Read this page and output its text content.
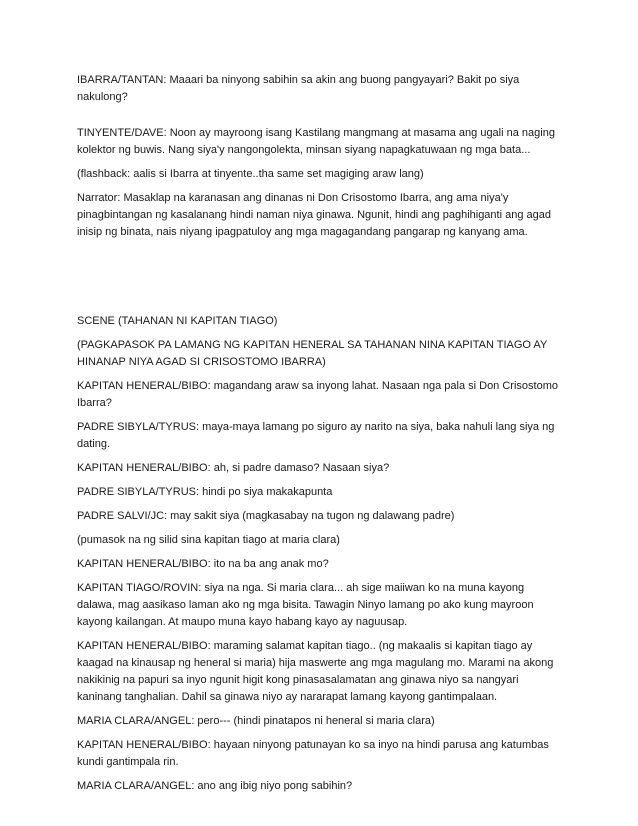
IBARRA/TANTAN: Maaari ba ninyong sabihin sa akin ang buong pangyayari? Bakit po siya nakulong?

TINYENTE/DAVE: Noon ay mayroong isang Kastilang mangmang at masama ang ugali na naging kolektor ng buwis. Nang siya'y nangongolekta, minsan siyang napagkatuwaan ng mga bata...

(flashback: aalis si Ibarra at tinyente..tha same set magiging araw lang)

Narrator: Masaklap na karanasan ang dinanas ni Don Crisostomo Ibarra, ang ama niya'y pinagbintangan ng kasalanang hindi naman niya ginawa. Ngunit, hindi ang paghihiganti ang agad inisip ng binata, nais niyang ipagpatuloy ang mga magagandang pangarap ng kanyang ama.

SCENE (TAHANAN NI KAPITAN TIAGO)

(PAGKAPASOK PA LAMANG NG KAPITAN HENERAL SA TAHANAN NINA KAPITAN TIAGO AY HINANAP NIYA AGAD SI CRISOSTOMO IBARRA)

KAPITAN HENERAL/BIBO: magandang araw sa inyong lahat. Nasaan nga pala si Don Crisostomo Ibarra?

PADRE SIBYLA/TYRUS: maya-maya lamang po siguro ay narito na siya, baka nahuli lang siya ng dating.

KAPITAN HENERAL/BIBO: ah, si padre damaso? Nasaan siya?

PADRE SIBYLA/TYRUS: hindi po siya makakapunta

PADRE SALVI/JC: may sakit siya (magkasabay na tugon ng dalawang padre)

(pumasok na ng silid sina kapitan tiago at maria clara)

KAPITAN HENERAL/BIBO: ito na ba ang anak mo?

KAPITAN TIAGO/ROVIN: siya na nga. Si maria clara... ah sige maiiwan ko na muna kayong dalawa, mag aasikaso laman ako ng mga bisita. Tawagin Ninyo lamang po ako kung mayroon kayong kailangan. At maupo muna kayo habang kayo ay naguusap.

KAPITAN HENERAL/BIBO: maraming salamat kapitan tiago.. (ng makaalis si kapitan tiago ay kaagad na kinausap ng heneral si maria) hija maswerte ang mga magulang mo. Marami na akong nakikinig na papuri sa inyo ngunit higit kong pinasasalamatan ang ginawa niyo sa nangyari kaninang tanghalian. Dahil sa ginawa niyo ay nararapat lamang kayong gantimpalaan.

MARIA CLARA/ANGEL: pero--- (hindi pinatapos ni heneral si maria clara)

KAPITAN HENERAL/BIBO: hayaan ninyong patunayan ko sa inyo na hindi parusa ang katumbas kundi gantimpala rin.

MARIA CLARA/ANGEL: ano ang ibig niyo pong sabihin?
